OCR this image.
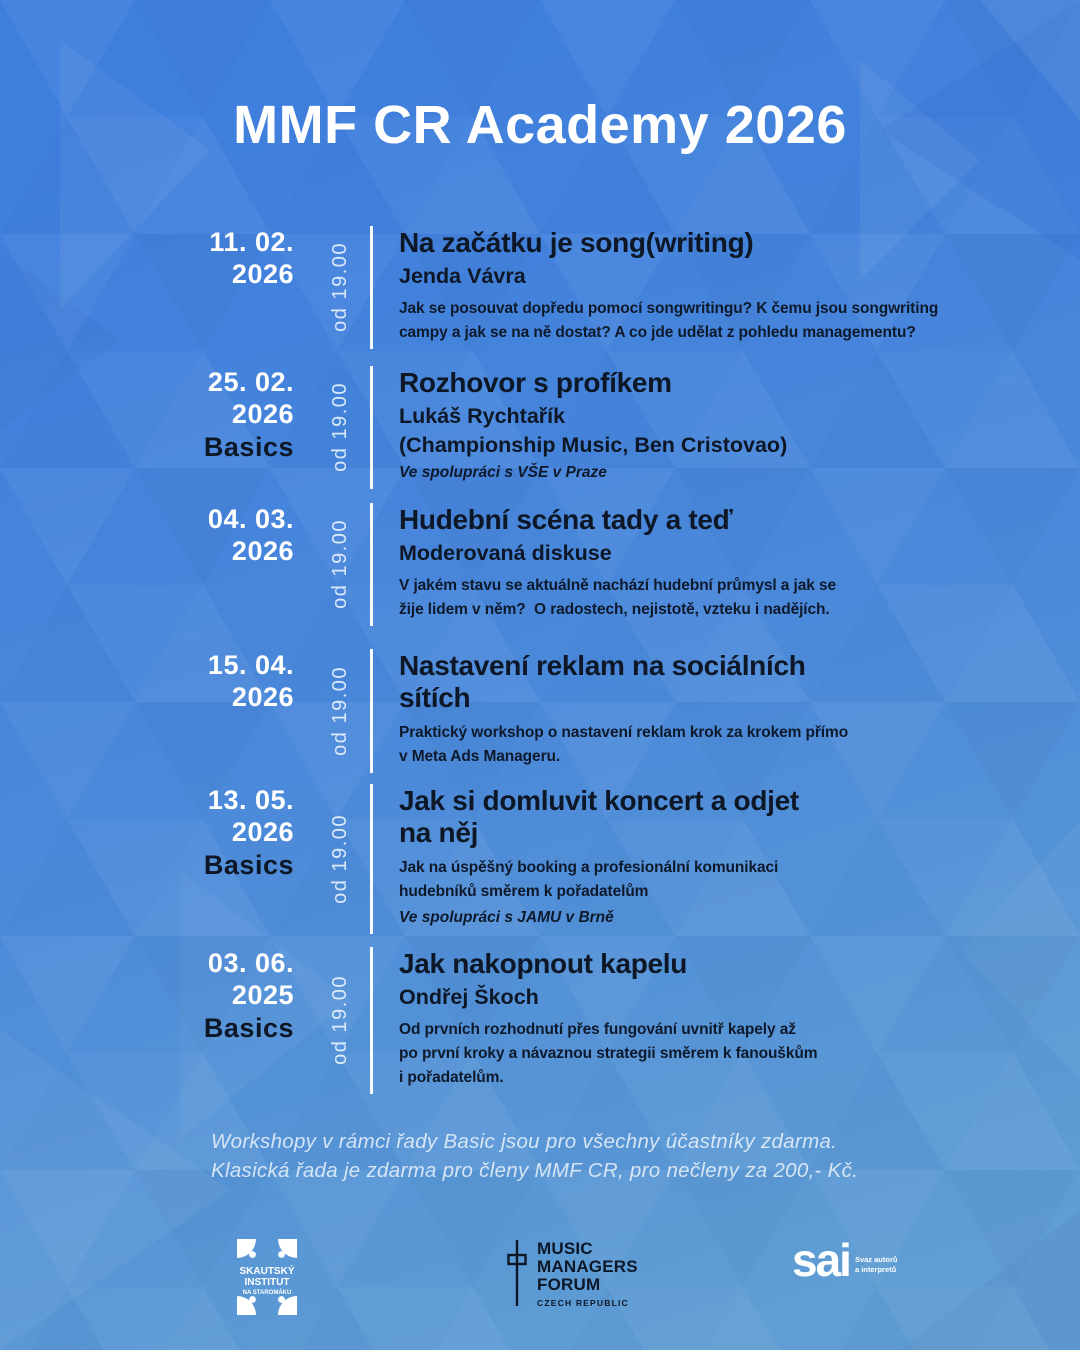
MMF CR Academy 2026
11. 02.
2026 od 19.00 Na začátku je song(writing)
Jenda Vávra
Jak se posouvat dopředu pomocí songwritingu? K čemu jsou songwriting
campy a jak se na ně dostat? A co jde udělat z pohledu managementu?
25. 02.
2026
Basics od 19.00 Rozhovor s profíkem
Lukáš Rychtařík
(Championship Music, Ben Cristovao)
Ve spolupráci s VŠE v Praze
04. 03.
2026 od 19.00 Hudební scéna tady a teď
Moderovaná diskuse
V jakém stavu se aktuálně nachází hudební průmysl a jak se
žije lidem v něm?  O radostech, nejistotě, vzteku i nadějích.
15. 04.
2026 od 19.00
Nastavení reklam na sociálních
sítích
Praktický workshop o nastavení reklam krok za krokem přímo
v Meta Ads Manageru.
13. 05.
2026
Basics od 19.00
Jak si domluvit koncert a odjet
na něj
Jak na úspěšný booking a profesionální komunikaci
hudebníků směrem k pořadatelům
Ve spolupráci s JAMU v Brně
03. 06.
2025
Basics od 19.00
Jak nakopnout kapelu
Ondřej Škoch
Od prvních rozhodnutí přes fungování uvnitř kapely až
po první kroky a návaznou strategii směrem k fanouškům
i pořadatelům.
Workshopy v rámci řady Basic jsou pro všechny účastníky zdarma.
Klasická řada je zdarma pro členy MMF CR, pro nečleny za 200,- Kč.
SKAUTSKÝ
INSTITUT
NA STAROMÁKU
MUSIC
MANAGERS
FORUM
CZECH REPUBLIC
sai Svaz autorů
a interpretů
